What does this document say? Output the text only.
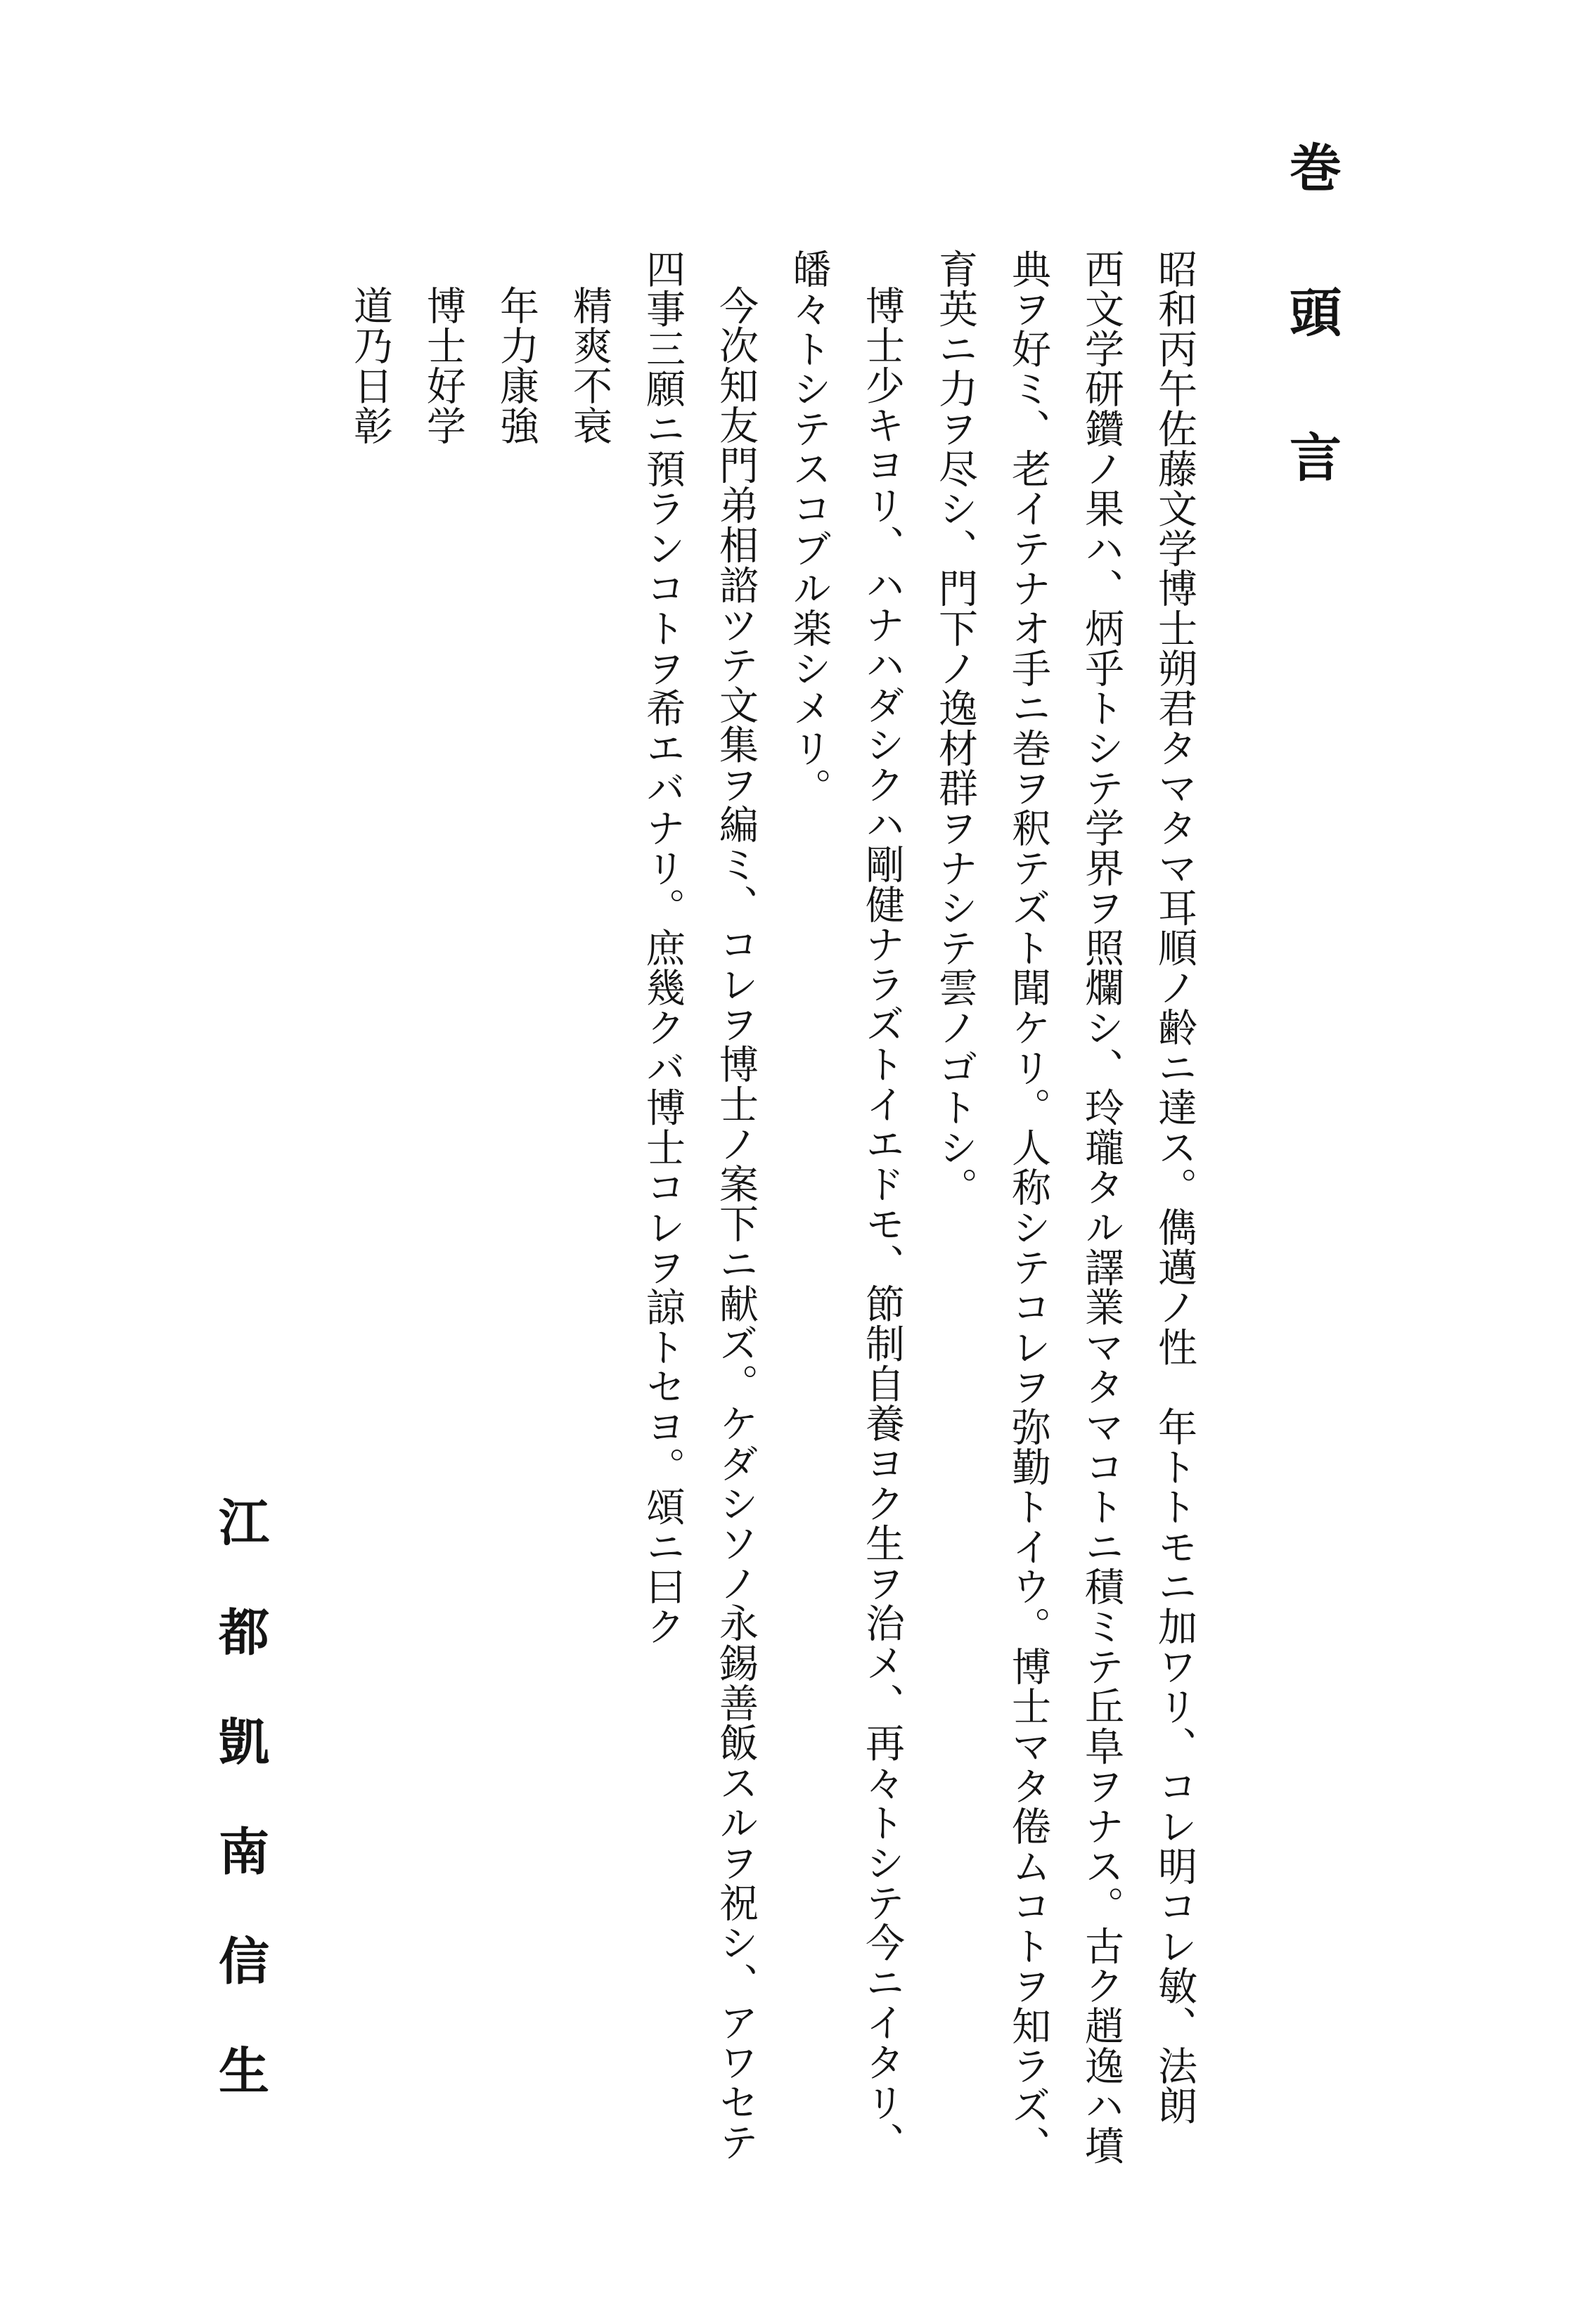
巻頭言
昭和丙午佐藤文学博士朔君タマタマ耳順ノ齢ニ達ス。儁邁ノ性　年トトモニ加ワリ、コレ明コレ敏、法朗
西文学研鑽ノ果ハ、炳乎トシテ学界ヲ照爛シ、玲瓏タル譯業マタマコトニ積ミテ丘阜ヲナス。古ク趙逸ハ墳
典ヲ好ミ、老イテナオ手ニ巻ヲ釈テズト聞ケリ。人称シテコレヲ弥勤トイウ。博士マタ倦ムコトヲ知ラズ、
育英ニ力ヲ尽シ、門下ノ逸材群ヲナシテ雲ノゴトシ。
博士少キヨリ、ハナハダシクハ剛健ナラズトイエドモ、節制自養ヨク生ヲ治メ、再々トシテ今ニイタリ、
皤々トシテスコブル楽シメリ。
今次知友門弟相諮ツテ文集ヲ編ミ、コレヲ博士ノ案下ニ献ズ。ケダシソノ永錫善飯スルヲ祝シ、アワセテ
四事三願ニ預ランコトヲ希エバナリ。庶幾クバ博士コレヲ諒トセヨ。頌ニ曰ク
精爽不衰
年力康強
博士好学
道乃日彰
江都凱南信生
